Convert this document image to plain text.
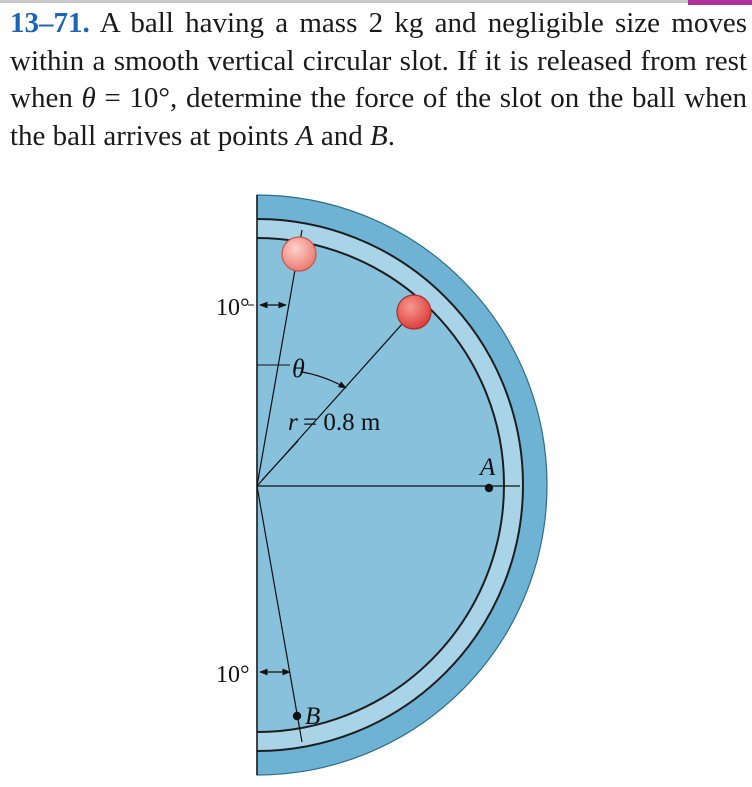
13–71. A ball having a mass 2 kg and negligible size moves within a smooth vertical circular slot. If it is released from rest when θ = 10°, determine the force of the slot on the ball when the ball arrives at points A and B.

10°
10°
θ
r = 0.8 m
A
B
